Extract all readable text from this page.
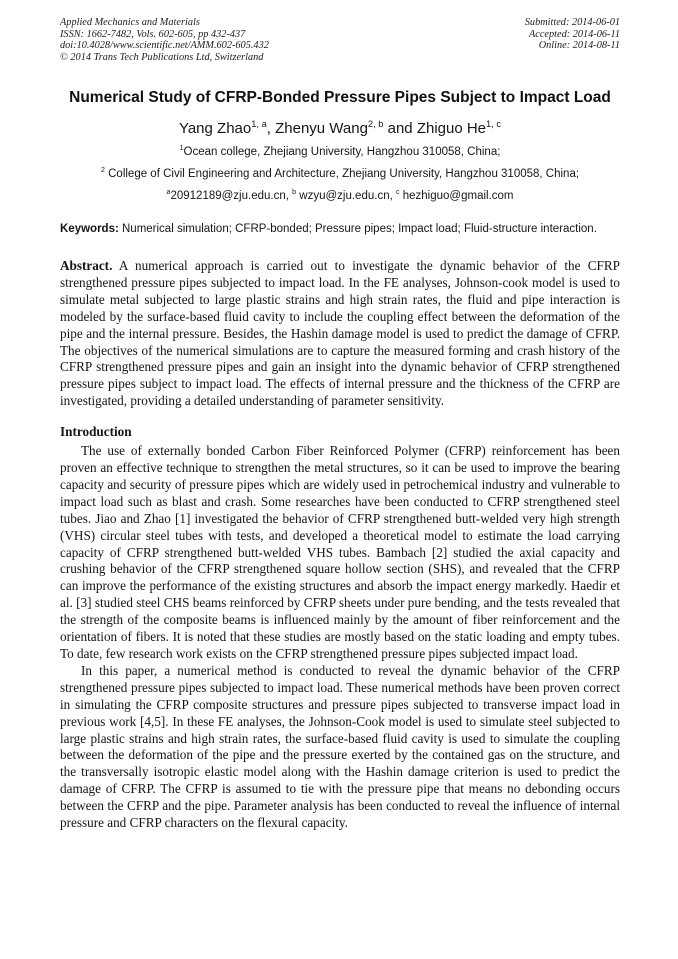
Applied Mechanics and Materials
ISSN: 1662-7482, Vols. 602-605, pp 432-437
doi:10.4028/www.scientific.net/AMM.602-605.432
© 2014 Trans Tech Publications Ltd, Switzerland
Submitted: 2014-06-01
Accepted: 2014-06-11
Online: 2014-08-11
Numerical Study of CFRP-Bonded Pressure Pipes Subject to Impact Load
Yang Zhao$^{1, a}$, Zhenyu Wang$^{2, b}$ and Zhiguo He$^{1, c}$
$^1$Ocean college, Zhejiang University, Hangzhou 310058, China;
$^2$ College of Civil Engineering and Architecture, Zhejiang University, Hangzhou 310058, China;
$^a$20912189@zju.edu.cn, $^b$ wzyu@zju.edu.cn, $^c$ hezhiguo@gmail.com

Keywords: Numerical simulation; CFRP-bonded; Pressure pipes; Impact load; Fluid-structure interaction.

Abstract. A numerical approach is carried out to investigate the dynamic behavior of the CFRP strengthened pressure pipes subjected to impact load. In the FE analyses, Johnson-cook model is used to simulate metal subjected to large plastic strains and high strain rates, the fluid and pipe interaction is modeled by the surface-based fluid cavity to include the coupling effect between the deformation of the pipe and the internal pressure. Besides, the Hashin damage model is used to predict the damage of CFRP. The objectives of the numerical simulations are to capture the measured forming and crash history of the CFRP strengthened pressure pipes and gain an insight into the dynamic behavior of CFRP strengthened pressure pipes subject to impact load. The effects of internal pressure and the thickness of the CFRP are investigated, providing a detailed understanding of parameter sensitivity.

Introduction

The use of externally bonded Carbon Fiber Reinforced Polymer (CFRP) reinforcement has been proven an effective technique to strengthen the metal structures, so it can be used to improve the bearing capacity and security of pressure pipes which are widely used in petrochemical industry and vulnerable to impact load such as blast and crash. Some researches have been conducted to CFRP strengthened steel tubes. Jiao and Zhao [1] investigated the behavior of CFRP strengthened butt-welded very high strength (VHS) circular steel tubes with tests, and developed a theoretical model to estimate the load carrying capacity of CFRP strengthened butt-welded VHS tubes. Bambach [2] studied the axial capacity and crushing behavior of the CFRP strengthened square hollow section (SHS), and revealed that the CFRP can improve the performance of the existing structures and absorb the impact energy markedly. Haedir et al. [3] studied steel CHS beams reinforced by CFRP sheets under pure bending, and the tests revealed that the strength of the composite beams is influenced mainly by the amount of fiber reinforcement and the orientation of fibers. It is noted that these studies are mostly based on the static loading and empty tubes. To date, few research work exists on the CFRP strengthened pressure pipes subjected impact load.

In this paper, a numerical method is conducted to reveal the dynamic behavior of the CFRP strengthened pressure pipes subjected to impact load. These numerical methods have been proven correct in simulating the CFRP composite structures and pressure pipes subjected to transverse impact load in previous work [4,5]. In these FE analyses, the Johnson-Cook model is used to simulate steel subjected to large plastic strains and high strain rates, the surface-based fluid cavity is used to simulate the coupling between the deformation of the pipe and the pressure exerted by the contained gas on the structure, and the transversally isotropic elastic model along with the Hashin damage criterion is used to predict the damage of CFRP. The CFRP is assumed to tie with the pressure pipe that means no debonding occurs between the CFRP and the pipe. Parameter analysis has been conducted to reveal the influence of internal pressure and CFRP characters on the flexural capacity.
